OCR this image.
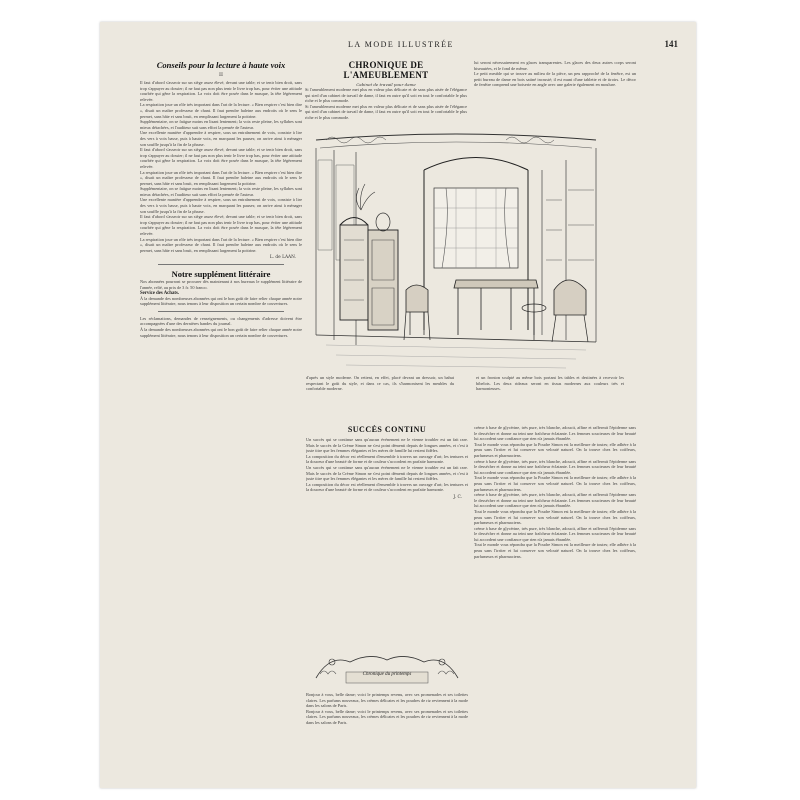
LA MODE ILLUSTRÉE	141
Conseils pour la lecture à haute voix
II
Il faut d'abord s'asseoir sur un siège assez élevé, devant une table; et se tenir bien droit, sans trop s'appuyer au dossier; il ne faut pas non plus tenir le livre trop bas, pour éviter une attitude courbée qui gêne la respiration. La voix doit être posée dans le masque, la tête légèrement relevée.
La respiration joue un rôle très important dans l'art de la lecture. « Bien respirer c'est bien dire », disait un maître professeur de chant. Il faut prendre haleine aux endroits où le sens le permet, sans hâte et sans bruit, en remplissant largement la poitrine.
Supplémentaire, on se fatigue moins en lisant lentement; la voix reste pleine, les syllabes sont mieux détachées, et l'auditeur suit sans effort la pensée de l'auteur.
Une excellente manière d'apprendre à respirer, sous un entraînement de voix, consiste à lire des vers à voix basse, puis à haute voix, en marquant les pauses; on arrive ainsi à ménager son souffle jusqu'à la fin de la phrase.
Il faut d'abord s'asseoir sur un siège assez élevé, devant une table; et se tenir bien droit, sans trop s'appuyer au dossier; il ne faut pas non plus tenir le livre trop bas, pour éviter une attitude courbée qui gêne la respiration. La voix doit être posée dans le masque, la tête légèrement relevée.
La respiration joue un rôle très important dans l'art de la lecture. « Bien respirer c'est bien dire », disait un maître professeur de chant. Il faut prendre haleine aux endroits où le sens le permet, sans hâte et sans bruit, en remplissant largement la poitrine.
Supplémentaire, on se fatigue moins en lisant lentement; la voix reste pleine, les syllabes sont mieux détachées, et l'auditeur suit sans effort la pensée de l'auteur.
Une excellente manière d'apprendre à respirer, sous un entraînement de voix, consiste à lire des vers à voix basse, puis à haute voix, en marquant les pauses; on arrive ainsi à ménager son souffle jusqu'à la fin de la phrase.
Il faut d'abord s'asseoir sur un siège assez élevé, devant une table; et se tenir bien droit, sans trop s'appuyer au dossier; il ne faut pas non plus tenir le livre trop bas, pour éviter une attitude courbée qui gêne la respiration. La voix doit être posée dans le masque, la tête légèrement relevée.
La respiration joue un rôle très important dans l'art de la lecture. « Bien respirer c'est bien dire », disait un maître professeur de chant. Il faut prendre haleine aux endroits où le sens le permet, sans hâte et sans bruit, en remplissant largement la poitrine.
L. de LAAN.
Notre supplément littéraire
Nos abonnées pourront se procurer dès maintenant à nos bureaux le supplément littéraire de l'année, relié, au prix de 3 fr. 50 franco.
Service des Achats.
À la demande des nombreuses abonnées qui ont le bon goût de faire relier chaque année notre supplément littéraire, nous tenons à leur disposition un certain nombre de couvertures.
Les réclamations, demandes de renseignements, ou changements d'adresse doivent être accompagnées d'une des dernières bandes du journal.
À la demande des nombreuses abonnées qui ont le bon goût de faire relier chaque année notre supplément littéraire, nous tenons à leur disposition un certain nombre de couvertures.
CHRONIQUE DE L'AMEUBLEMENT
Cabinet de travail pour dame
Si l'ameublement moderne met plus en valeur plus délicate et de sans plus aisée de l'élégance qui sied d'un cabinet de travail de dame, il faut en outre qu'il soit en tout le confortable le plus riche et le plus commode.
Si l'ameublement moderne met plus en valeur plus délicate et de sans plus aisée de l'élégance qui sied d'un cabinet de travail de dame, il faut en outre qu'il soit en tout le confortable le plus riche et le plus commode.
lui seront nécessairement en glaces transparentes. Les glaces des deux autres corps seront biseautées, et le fond de même.
Le petit meuble qui se trouve au milieu de la pièce, un peu rapproché de la fenêtre, est un petit bureau de dame en bois satiné incrusté; il est muni d'une tablette et de tiroirs. Le décor de fenêtre comprend une boiserie en angle avec une galerie également en moulure.
d'après un style moderne. On retient, en effet, placé devant un dressoir, un bahut respectant le goût du style, et dans ce cas, ils s'harmonisent les meubles du confortable moderne.
et un fronton sculpté au même bois portant les tables et destinées à recevoir les bibelots. Les deux rideaux seront en tissus modernes aux couleurs très et harmonieuses.
SUCCÈS CONTINU
Un succès qui se continue sans qu'aucun événement ne le vienne troubler est un fait rare. Mais le succès de la Crème Simon ne s'est point démenti depuis de longues années, et c'est à juste titre que les femmes élégantes et les mères de famille lui restent fidèles.
La composition du décor est réellement d'ensemble à travers un ouvrage d'art; les tentures et la douceur d'une beauté de forme et de couleur s'accordent en parfaite harmonie.
Un succès qui se continue sans qu'aucun événement ne le vienne troubler est un fait rare. Mais le succès de la Crème Simon ne s'est point démenti depuis de longues années, et c'est à juste titre que les femmes élégantes et les mères de famille lui restent fidèles.
La composition du décor est réellement d'ensemble à travers un ouvrage d'art; les tentures et la douceur d'une beauté de forme et de couleur s'accordent en parfaite harmonie.
J. C.
Chronique du printemps
Bonjour à vous, belle dame; voici le printemps revenu, avec ses promenades et ses toilettes claires. Les parfums nouveaux, les crèmes délicates et les poudres de riz reviennent à la mode dans les salons de Paris.
Bonjour à vous, belle dame; voici le printemps revenu, avec ses promenades et ses toilettes claires. Les parfums nouveaux, les crèmes délicates et les poudres de riz reviennent à la mode dans les salons de Paris.
crème à base de glycérine, très pure, très blanche, adoucit, affine et raffermit l'épiderme sans le dessécher et donne au teint une fraîcheur éclatante. Les femmes soucieuses de leur beauté lui accordent une confiance que rien n'a jamais ébranlée.
Tout le monde vous répondra que la Poudre Simon est la meilleure de toutes; elle adhère à la peau sans l'irriter et lui conserve son velouté naturel. On la trouve chez les coiffeurs, parfumeurs et pharmaciens.
crème à base de glycérine, très pure, très blanche, adoucit, affine et raffermit l'épiderme sans le dessécher et donne au teint une fraîcheur éclatante. Les femmes soucieuses de leur beauté lui accordent une confiance que rien n'a jamais ébranlée.
Tout le monde vous répondra que la Poudre Simon est la meilleure de toutes; elle adhère à la peau sans l'irriter et lui conserve son velouté naturel. On la trouve chez les coiffeurs, parfumeurs et pharmaciens.
crème à base de glycérine, très pure, très blanche, adoucit, affine et raffermit l'épiderme sans le dessécher et donne au teint une fraîcheur éclatante. Les femmes soucieuses de leur beauté lui accordent une confiance que rien n'a jamais ébranlée.
Tout le monde vous répondra que la Poudre Simon est la meilleure de toutes; elle adhère à la peau sans l'irriter et lui conserve son velouté naturel. On la trouve chez les coiffeurs, parfumeurs et pharmaciens.
crème à base de glycérine, très pure, très blanche, adoucit, affine et raffermit l'épiderme sans le dessécher et donne au teint une fraîcheur éclatante. Les femmes soucieuses de leur beauté lui accordent une confiance que rien n'a jamais ébranlée.
Tout le monde vous répondra que la Poudre Simon est la meilleure de toutes; elle adhère à la peau sans l'irriter et lui conserve son velouté naturel. On la trouve chez les coiffeurs, parfumeurs et pharmaciens.
